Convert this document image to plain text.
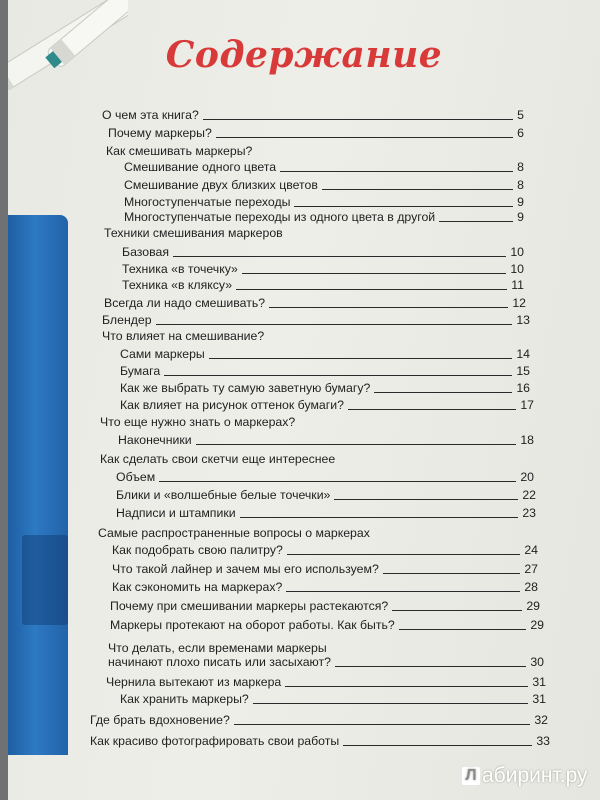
Содержание
О чем эта книга?	5
Почему маркеры?	6
Как смешивать маркеры?
Смешивание одного цвета	8
Смешивание двух близких цветов	8
Многоступенчатые переходы	9
Многоступенчатые переходы из одного цвета в другой	9
Техники смешивания маркеров
Базовая	10
Техника «в точечку»	10
Техника «в кляксу»	11
Всегда ли надо смешивать?	12
Блендер	13
Что влияет на смешивание?
Сами маркеры	14
Бумага	15
Как же выбрать ту самую заветную бумагу?	16
Как влияет на рисунок оттенок бумаги?	17
Что еще нужно знать о маркерах?
Наконечники	18
Как сделать свои скетчи еще интереснее
Объем	20
Блики и «волшебные белые точечки»	22
Надписи и штампики	23
Самые распространенные вопросы о маркерах
Как подобрать свою палитру?	24
Что такой лайнер и зачем мы его используем?	27
Как сэкономить на маркерах?	28
Почему при смешивании маркеры растекаются?	29
Маркеры протекают на оборот работы. Как быть?	29
Что делать, если временами маркеры
начинают плохо писать или засыхают?	30
Чернила вытекают из маркера	31
Как хранить маркеры?	31
Где брать вдохновение?	32
Как красиво фотографировать свои работы	33
Л абиринт.ру
